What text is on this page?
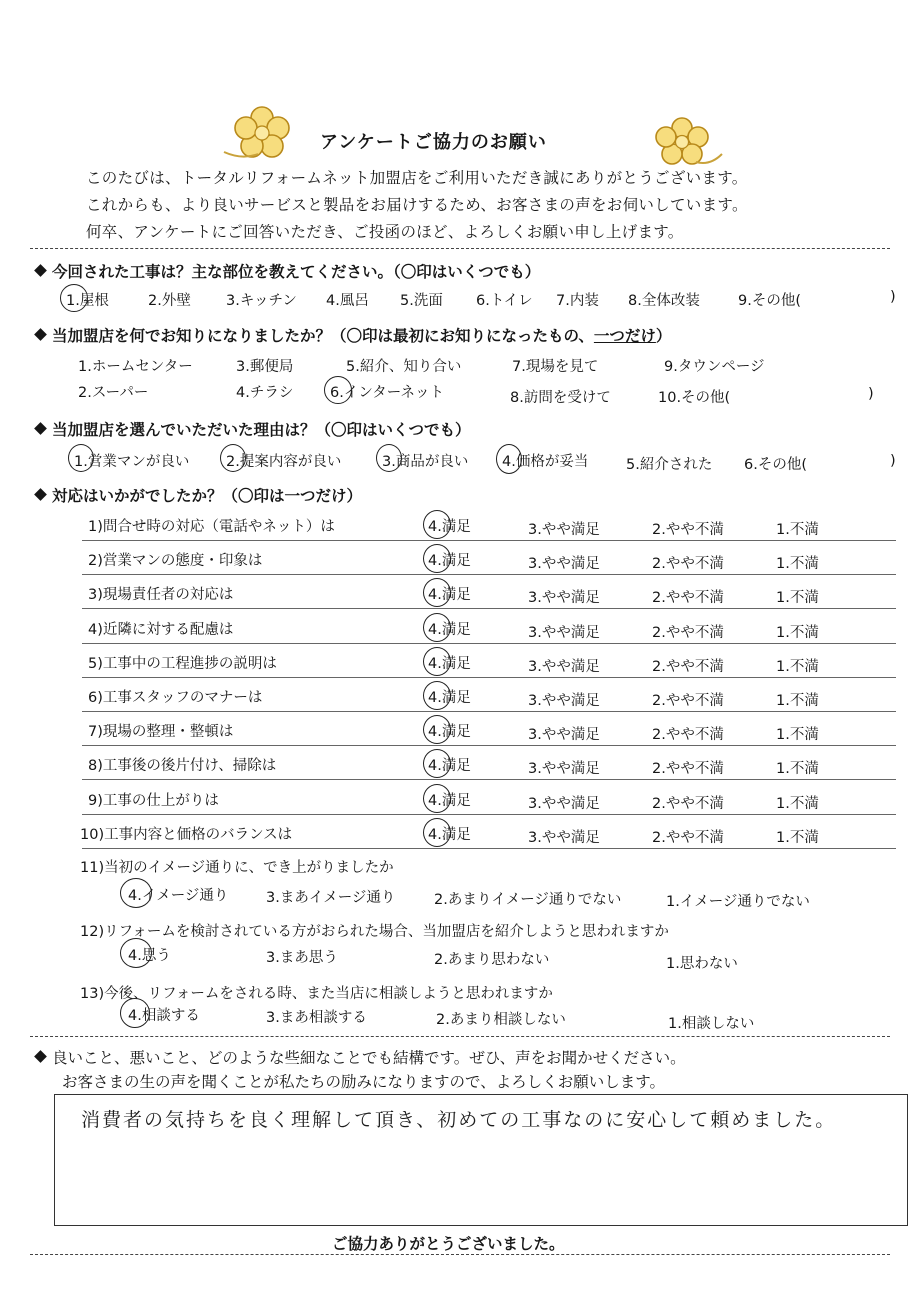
アンケートご協力のお願い
このたびは、トータルリフォームネット加盟店をご利用いただき誠にありがとうございます。
これからも、より良いサービスと製品をお届けするため、お客さまの声をお伺いしています。
何卒、アンケートにご回答いただき、ご投函のほど、よろしくお願い申し上げます。
今回された工事は？主な部位を教えてください。（〇印はいくつでも）
1.屋根	2.外壁 3.キッチン 4.風呂 5.洗面 6.トイレ 7.内装 8.全体改装	9.その他(	)
当加盟店を何でお知りになりましたか？（〇印は最初にお知りになったもの、一つだけ）
1.ホームセンター	3.郵便局	5.紹介、知り合い	7.現場を見て	9.タウンページ
2.スーパー	4.チラシ	6.インターネット	8.訪問を受けて	10.その他(	)
当加盟店を選んでいただいた理由は？（〇印はいくつでも）
1.営業マンが良い	2.提案内容が良い	3.商品が良い 4.価格が妥当	5.紹介された 6.その他(	)
対応はいかがでしたか？（〇印は一つだけ）
1)問合せ時の対応（電話やネット）は	4.満足	3.やや満足	2.やや不満	1.不満
2)営業マンの態度・印象は	4.満足	3.やや満足	2.やや不満	1.不満
3)現場責任者の対応は	4.満足	3.やや満足	2.やや不満	1.不満
4)近隣に対する配慮は	4.満足	3.やや満足	2.やや不満	1.不満
5)工事中の工程進捗の説明は	4.満足	3.やや満足	2.やや不満	1.不満
6)工事スタッフのマナーは	4.満足	3.やや満足	2.やや不満	1.不満
7)現場の整理・整頓は	4.満足	3.やや満足	2.やや不満	1.不満
8)工事後の後片付け、掃除は	4.満足	3.やや満足	2.やや不満	1.不満
9)工事の仕上がりは	4.満足	3.やや満足	2.やや不満	1.不満
10)工事内容と価格のバランスは	4.満足	3.やや満足	2.やや不満	1.不満
11)当初のイメージ通りに、でき上がりましたか
4.イメージ通り	3.まあイメージ通り	2.あまりイメージ通りでない	1.イメージ通りでない
12)リフォームを検討されている方がおられた場合、当加盟店を紹介しようと思われますか
4.思う	3.まあ思う	2.あまり思わない	1.思わない
13)今後、リフォームをされる時、また当店に相談しようと思われますか
4.相談する	3.まあ相談する	2.あまり相談しない	1.相談しない
良いこと、悪いこと、どのような些細なことでも結構です。ぜひ、声をお聞かせください。
お客さまの生の声を聞くことが私たちの励みになりますので、よろしくお願いします。
消費者の気持ちを良く理解して頂き、初めての工事なのに安心して頼めました。
ご協力ありがとうございました。
